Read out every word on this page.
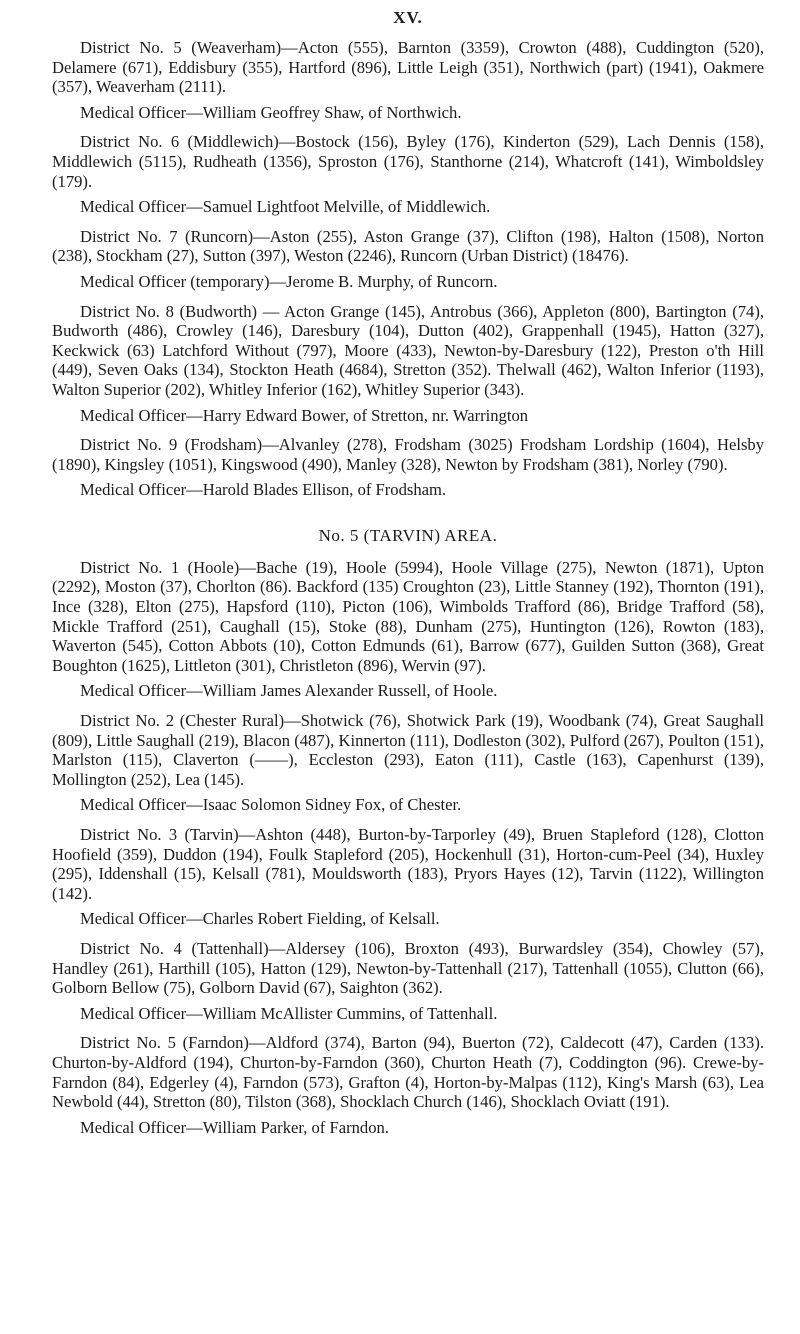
XV.

District No. 5 (Weaverham)—Acton (555), Barnton (3359), Crowton (488), Cuddington (520), Delamere (671), Eddisbury (355), Hartford (896), Little Leigh (351), Northwich (part) (1941), Oakmere (357), Weaverham (2111).

Medical Officer—William Geoffrey Shaw, of Northwich.

District No. 6 (Middlewich)—Bostock (156), Byley (176), Kinderton (529), Lach Dennis (158), Middlewich (5115), Rudheath (1356), Sproston (176), Stanthorne (214), Whatcroft (141), Wimboldsley (179).

Medical Officer—Samuel Lightfoot Melville, of Middlewich.

District No. 7 (Runcorn)—Aston (255), Aston Grange (37), Clifton (198), Halton (1508), Norton (238), Stockham (27), Sutton (397), Weston (2246), Runcorn (Urban District) (18476).

Medical Officer (temporary)—Jerome B. Murphy, of Runcorn.

District No. 8 (Budworth) — Acton Grange (145), Antrobus (366), Appleton (800), Bartington (74), Budworth (486), Crowley (146), Daresbury (104), Dutton (402), Grappenhall (1945), Hatton (327), Keckwick (63) Latchford Without (797), Moore (433), Newton-by-Daresbury (122), Preston o'th Hill (449), Seven Oaks (134), Stockton Heath (4684), Stretton (352). Thelwall (462), Walton Inferior (1193), Walton Superior (202), Whitley Inferior (162), Whitley Superior (343).

Medical Officer—Harry Edward Bower, of Stretton, nr. Warrington

District No. 9 (Frodsham)—Alvanley (278), Frodsham (3025) Frodsham Lordship (1604), Helsby (1890), Kingsley (1051), Kingswood (490), Manley (328), Newton by Frodsham (381), Norley (790).

Medical Officer—Harold Blades Ellison, of Frodsham.

No. 5 (TARVIN) AREA.

District No. 1 (Hoole)—Bache (19), Hoole (5994), Hoole Village (275), Newton (1871), Upton (2292), Moston (37), Chorlton (86). Backford (135) Croughton (23), Little Stanney (192), Thornton (191), Ince (328), Elton (275), Hapsford (110), Picton (106), Wimbolds Trafford (86), Bridge Trafford (58), Mickle Trafford (251), Caughall (15), Stoke (88), Dunham (275), Huntington (126), Rowton (183), Waverton (545), Cotton Abbots (10), Cotton Edmunds (61), Barrow (677), Guilden Sutton (368), Great Boughton (1625), Littleton (301), Christleton (896), Wervin (97).

Medical Officer—William James Alexander Russell, of Hoole.

District No. 2 (Chester Rural)—Shotwick (76), Shotwick Park (19), Woodbank (74), Great Saughall (809), Little Saughall (219), Blacon (487), Kinnerton (111), Dodleston (302), Pulford (267), Poulton (151), Marlston (115), Claverton (——), Eccleston (293), Eaton (111), Castle (163), Capenhurst (139), Mollington (252), Lea (145).

Medical Officer—Isaac Solomon Sidney Fox, of Chester.

District No. 3 (Tarvin)—Ashton (448), Burton-by-Tarporley (49), Bruen Stapleford (128), Clotton Hoofield (359), Duddon (194), Foulk Stapleford (205), Hockenhull (31), Horton-cum-Peel (34), Huxley (295), Iddenshall (15), Kelsall (781), Mouldsworth (183), Pryors Hayes (12), Tarvin (1122), Willington (142).

Medical Officer—Charles Robert Fielding, of Kelsall.

District No. 4 (Tattenhall)—Aldersey (106), Broxton (493), Burwardsley (354), Chowley (57), Handley (261), Harthill (105), Hatton (129), Newton-by-Tattenhall (217), Tattenhall (1055), Clutton (66), Golborn Bellow (75), Golborn David (67), Saighton (362).

Medical Officer—William McAllister Cummins, of Tattenhall.

District No. 5 (Farndon)—Aldford (374), Barton (94), Buerton (72), Caldecott (47), Carden (133). Churton-by-Aldford (194), Churton-by-Farndon (360), Churton Heath (7), Coddington (96). Crewe-by-Farndon (84), Edgerley (4), Farndon (573), Grafton (4), Horton-by-Malpas (112), King's Marsh (63), Lea Newbold (44), Stretton (80), Tilston (368), Shocklach Church (146), Shocklach Oviatt (191).

Medical Officer—William Parker, of Farndon.
